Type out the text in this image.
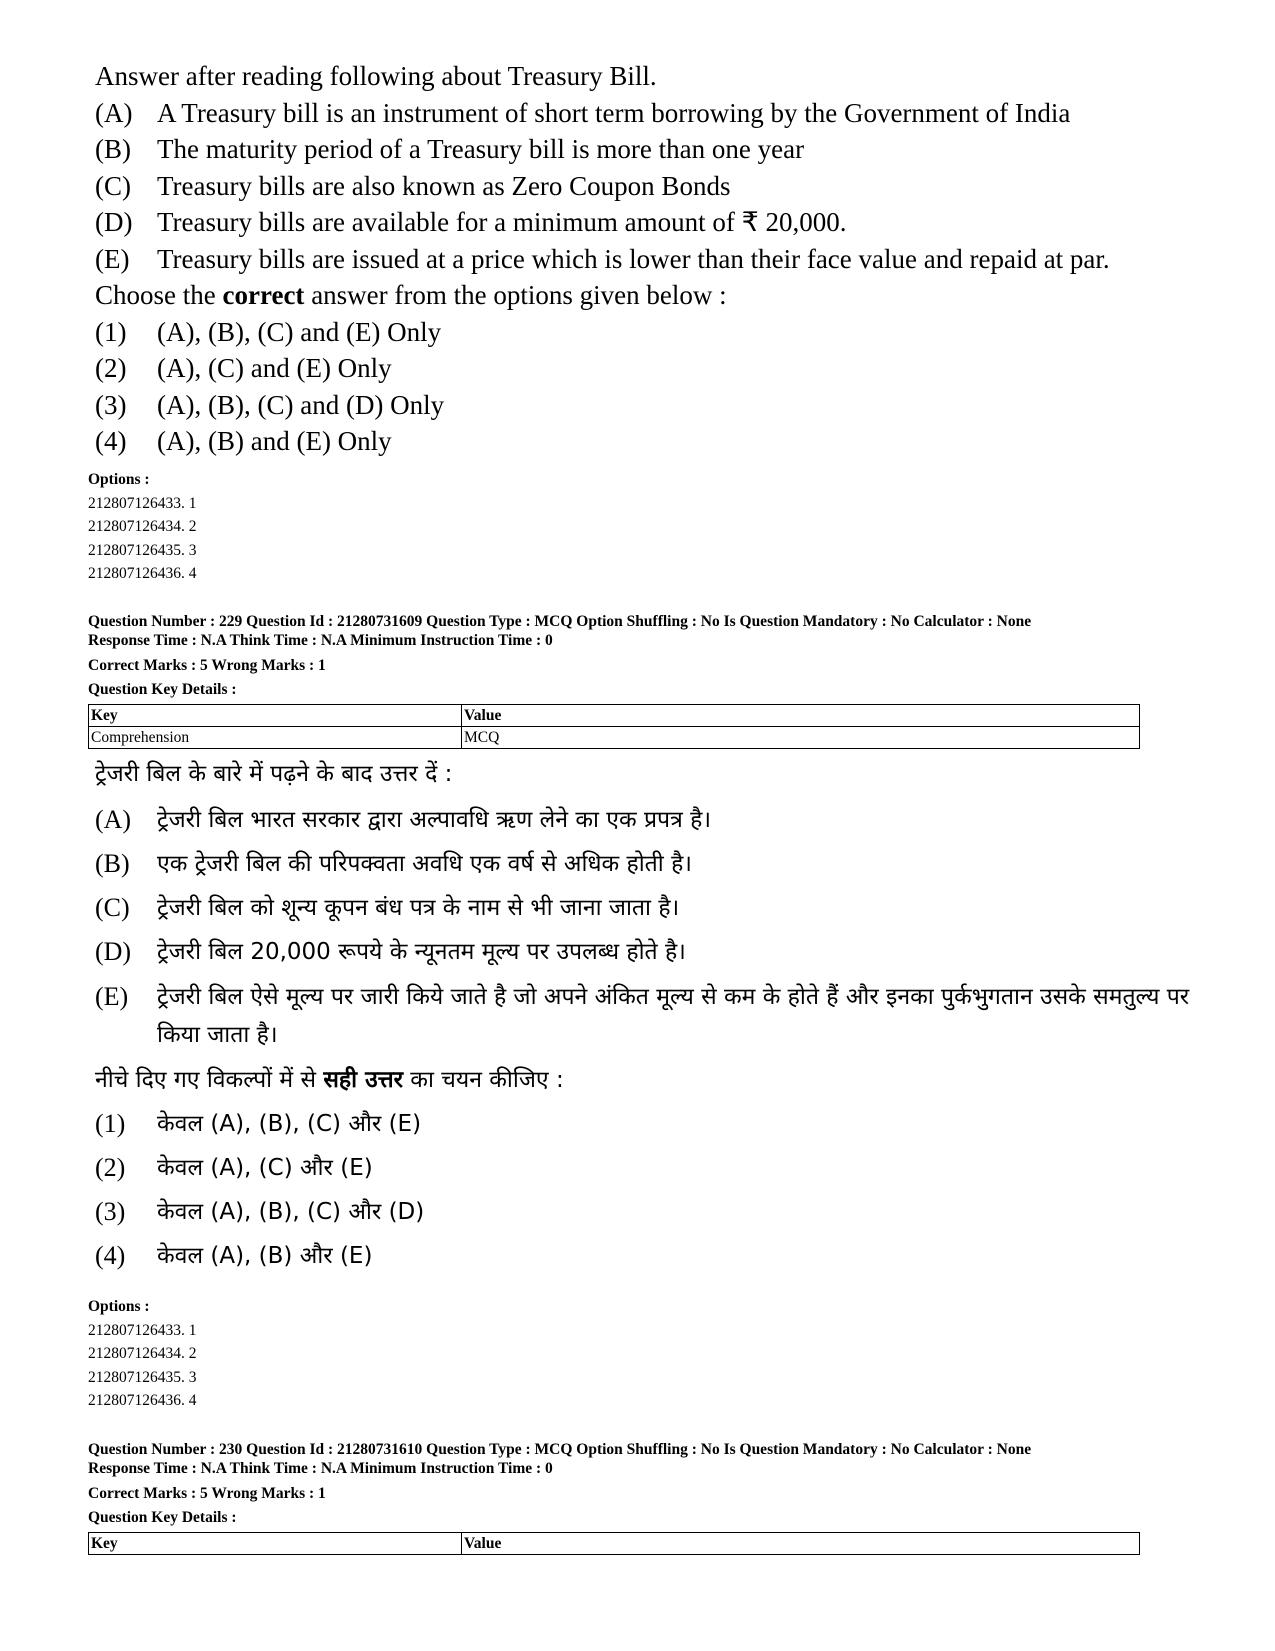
Answer after reading following about Treasury Bill.

(A) A Treasury bill is an instrument of short term borrowing by the Government of India
(B) The maturity period of a Treasury bill is more than one year
(C) Treasury bills are also known as Zero Coupon Bonds
(D) Treasury bills are available for a minimum amount of ₹ 20,000.
(E)	Treasury bills are issued at a price which is lower than their face value and repaid at par.

Choose the correct answer from the options given below :

(1)	(A), (B), (C) and (E) Only
(2)	(A), (C) and (E) Only
(3)	(A), (B), (C) and (D) Only
(4)	(A), (B) and (E) Only

Options :

212807126433. 1

212807126434. 2

212807126435. 3

212807126436. 4

Question Number : 229 Question Id : 21280731609 Question Type : MCQ Option Shuffling : No Is Question Mandatory : No Calculator : None

Response Time : N.A Think Time : N.A Minimum Instruction Time : 0

Correct Marks : 5 Wrong Marks : 1

Question Key Details :

Key	Value
Comprehension	MCQ

ट्रेजरी बिल के बारे में पढ़ने के बाद उत्तर दें :

(A)	ट्रेजरी बिल भारत सरकार द्वारा अल्पावधि ऋण लेने का एक प्रपत्र है।
(B)	एक ट्रेजरी बिल की परिपक्वता अवधि एक वर्ष से अधिक होती है।
(C)	ट्रेजरी बिल को शून्य कूपन बंध पत्र के नाम से भी जाना जाता है।
(D)	ट्रेजरी बिल 20,000 रूपये के न्यूनतम मूल्य पर उपलब्ध होते है।
(E)	ट्रेजरी बिल ऐसे मूल्य पर जारी किये जाते है जो अपने अंकित मूल्य से कम के होते हैं और इनका पुर्कभुगतान उसके समतुल्य पर किया जाता है।

नीचे दिए गए विकल्पों में से सही उत्तर का चयन कीजिए :

(1)	केवल (A), (B), (C) और (E)
(2)	केवल (A), (C) और (E)
(3)	केवल (A), (B), (C) और (D)
(4)	केवल (A), (B) और (E)

Options :

212807126433. 1

212807126434. 2

212807126435. 3

212807126436. 4

Question Number : 230 Question Id : 21280731610 Question Type : MCQ Option Shuffling : No Is Question Mandatory : No Calculator : None

Response Time : N.A Think Time : N.A Minimum Instruction Time : 0

Correct Marks : 5 Wrong Marks : 1

Question Key Details :

Key	Value
